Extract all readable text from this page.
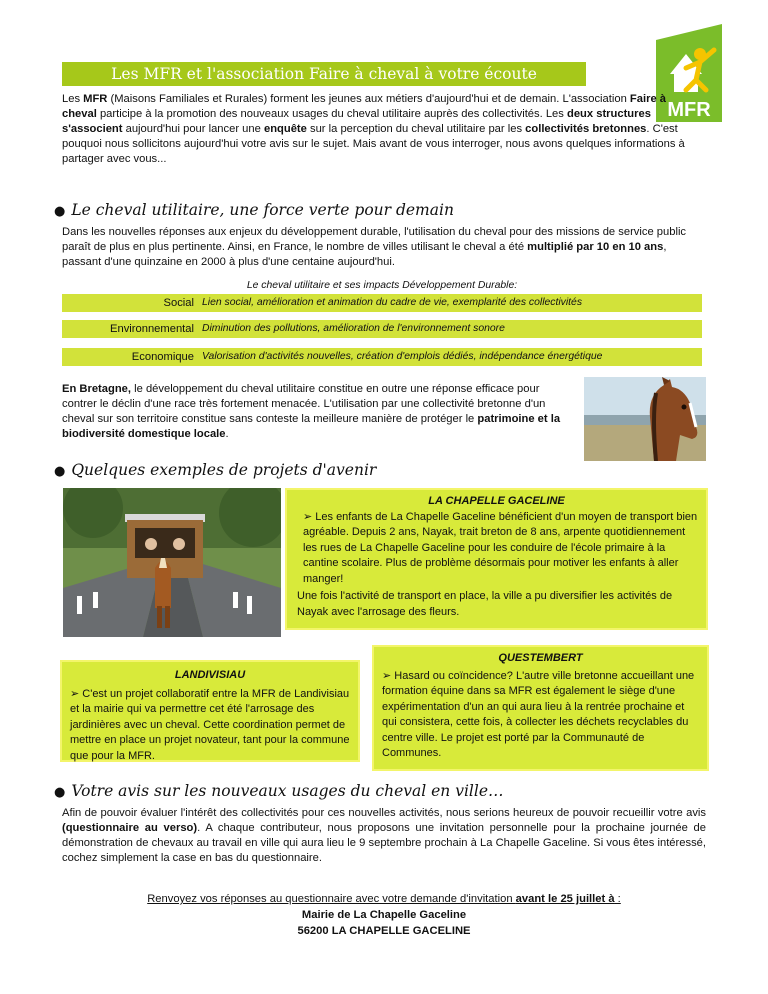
Les MFR et l'association Faire à cheval à votre écoute
MFR
Les MFR (Maisons Familiales et Rurales) forment les jeunes aux métiers d'aujourd'hui et de demain. L'association Faire à cheval participe à la promotion des nouveaux usages du cheval utilitaire auprès des collectivités. Les deux structures s'associent aujourd'hui pour lancer une enquête sur la perception du cheval utilitaire par les collectivités bretonnes. C'est pouquoi nous sollicitons aujourd'hui votre avis sur le sujet. Mais avant de vous interroger, nous avons quelques informations à partager avec vous...
● Le cheval utilitaire, une force verte pour demain
Dans les nouvelles réponses aux enjeux du développement durable, l'utilisation du cheval pour des missions de service public paraît de plus en plus pertinente. Ainsi, en France, le nombre de villes utilisant le cheval a été multiplié par 10 en 10 ans, passant d'une quinzaine en 2000 à plus d'une centaine aujourd'hui.
Le cheval utilitaire et ses impacts Développement Durable:
Social Lien social, amélioration et animation du cadre de vie, exemplarité des collectivités
Environnemental Diminution des pollutions, amélioration de l'environnement sonore
Economique Valorisation d'activités nouvelles, création d'emplois dédiés, indépendance énergétique
En Bretagne, le développement du cheval utilitaire constitue en outre une réponse efficace pour contrer le déclin d'une race très fortement menacée. L'utilisation par une collectivité bretonne d'un cheval sur son territoire constitue sans conteste la meilleure manière de protéger le patrimoine et la biodiversité domestique locale.
● Quelques exemples de projets d'avenir
LA CHAPELLE GACELINE
➢ Les enfants de La Chapelle Gaceline bénéficient d'un moyen de transport bien agréable. Depuis 2 ans, Nayak, trait breton de 8 ans, arpente quotidiennement les rues de La Chapelle Gaceline pour les conduire de l'école primaire à la cantine scolaire. Plus de problème désormais pour motiver les enfants à aller manger!
Une fois l'activité de transport en place, la ville a pu diversifier les activités de Nayak avec l'arrosage des fleurs.
LANDIVISIAU
➢ C'est un projet collaboratif entre la MFR de Landivisiau et la mairie qui va permettre cet été l'arrosage des jardinières avec un cheval. Cette coordination permet de mettre en place un projet novateur, tant pour la commune que pour la MFR.
QUESTEMBERT
➢ Hasard ou coïncidence? L'autre ville bretonne accueillant une formation équine dans sa MFR est également le siège d'une expérimentation d'un an qui aura lieu à la rentrée prochaine et qui consistera, cette fois, à collecter les déchets recyclables du centre ville. Le projet est porté par la Communauté de Communes.
● Votre avis sur les nouveaux usages du cheval en ville…
Afin de pouvoir évaluer l'intérêt des collectivités pour ces nouvelles activités, nous serions heureux de pouvoir recueillir votre avis (questionnaire au verso). A chaque contributeur, nous proposons une invitation personnelle pour la prochaine journée de démonstration de chevaux au travail en ville qui aura lieu le 9 septembre prochain à La Chapelle Gaceline. Si vous êtes intéressé, cochez simplement la case en bas du questionnaire.
Renvoyez vos réponses au questionnaire avec votre demande d'invitation avant le 25 juillet à :
Mairie de La Chapelle Gaceline
56200 LA CHAPELLE GACELINE
